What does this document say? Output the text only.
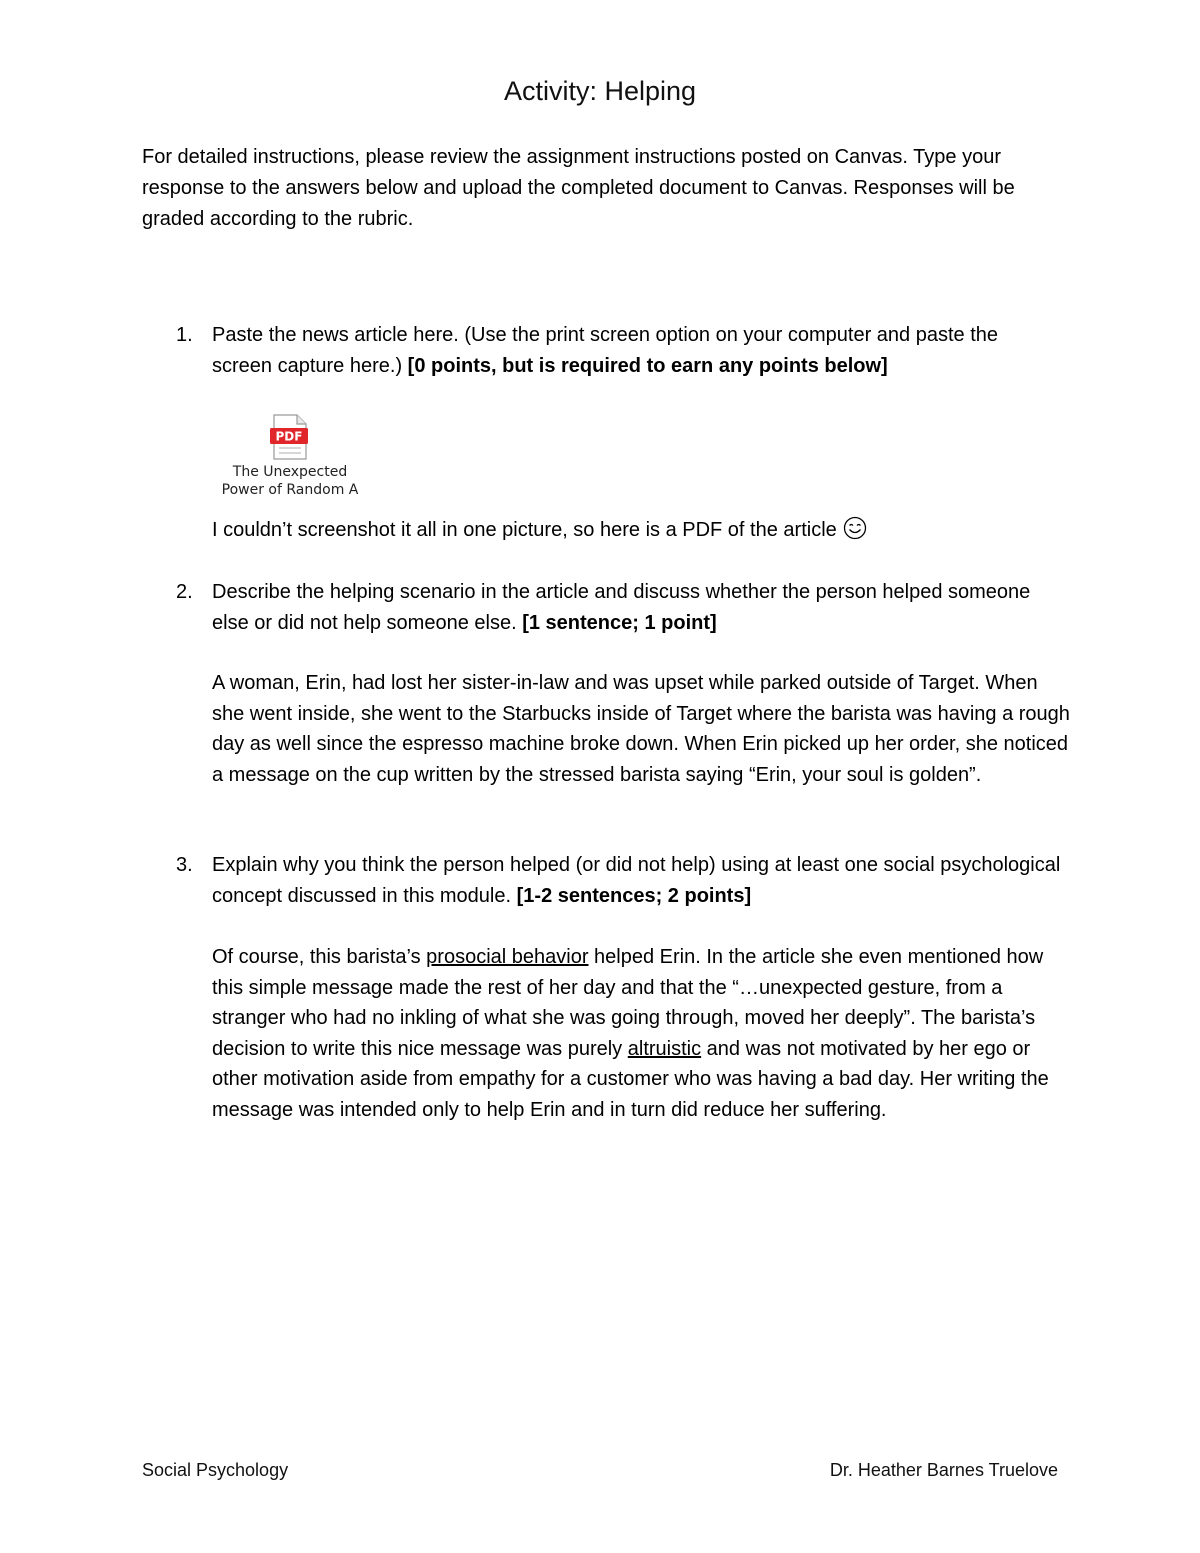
Activity: Helping
For detailed instructions, please review the assignment instructions posted on Canvas. Type your response to the answers below and upload the completed document to Canvas. Responses will be graded according to the rubric.
1. Paste the news article here. (Use the print screen option on your computer and paste the screen capture here.) [0 points, but is required to earn any points below]
PDF
The Unexpected
Power of Random A
I couldn’t screenshot it all in one picture, so here is a PDF of the article
2. Describe the helping scenario in the article and discuss whether the person helped someone else or did not help someone else. [1 sentence; 1 point]
A woman, Erin, had lost her sister-in-law and was upset while parked outside of Target. When she went inside, she went to the Starbucks inside of Target where the barista was having a rough day as well since the espresso machine broke down. When Erin picked up her order, she noticed a message on the cup written by the stressed barista saying “Erin, your soul is golden”.
3. Explain why you think the person helped (or did not help) using at least one social psychological concept discussed in this module. [1-2 sentences; 2 points]
Of course, this barista’s prosocial behavior helped Erin. In the article she even mentioned how this simple message made the rest of her day and that the “…unexpected gesture, from a stranger who had no inkling of what she was going through, moved her deeply”. The barista’s decision to write this nice message was purely altruistic and was not motivated by her ego or other motivation aside from empathy for a customer who was having a bad day. Her writing the message was intended only to help Erin and in turn did reduce her suffering.
Social Psychology	Dr. Heather Barnes Truelove
